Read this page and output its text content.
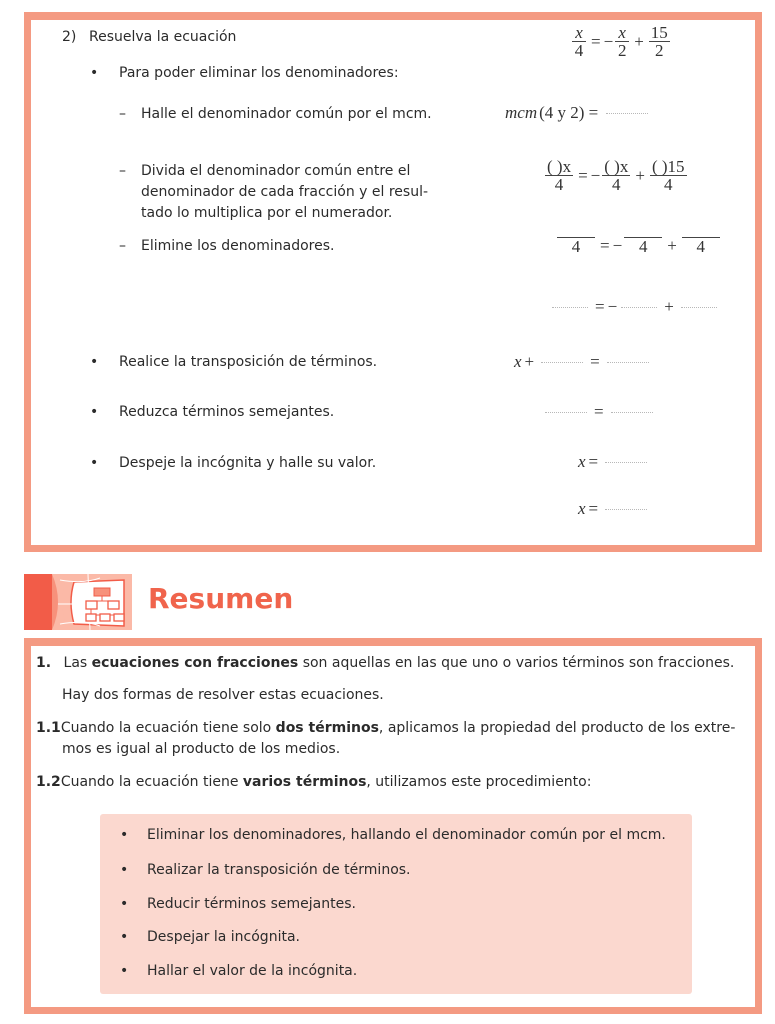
2) Resuelva la ecuación	$\frac{x}{4}$ = − $\frac{x}{2} + \frac{15}{2}$
• Para poder eliminar los denominadores:
– Halle el denominador común por el mcm.	mcm (4 y 2) =
– Divida el denominador común entre el
denominador de cada fracción y el resul-
tado lo multiplica por el numerador.
$\frac{( )x}{4}$ = − $\frac{( )x}{4} + \frac{( )15}{4}$
– Elimine los denominadores.	4 = − 4 + 4
= −	+
• Realice la transposición de términos.	x +	=
• Reduzca términos semejantes.	=
• Despeje la incógnita y halle su valor.	x =
x =
Resumen
1. Las ecuaciones con fracciones son aquellas en las que uno o varios términos son fracciones.
Hay dos formas de resolver estas ecuaciones.
1.1Cuando la ecuación tiene solo dos términos, aplicamos la propiedad del producto de los extre-
mos es igual al producto de los medios.
1.2Cuando la ecuación tiene varios términos, utilizamos este procedimiento:
• Eliminar los denominadores, hallando el denominador común por el mcm.
• Realizar la transposición de términos.
• Reducir términos semejantes.
• Despejar la incógnita.
• Hallar el valor de la incógnita.
